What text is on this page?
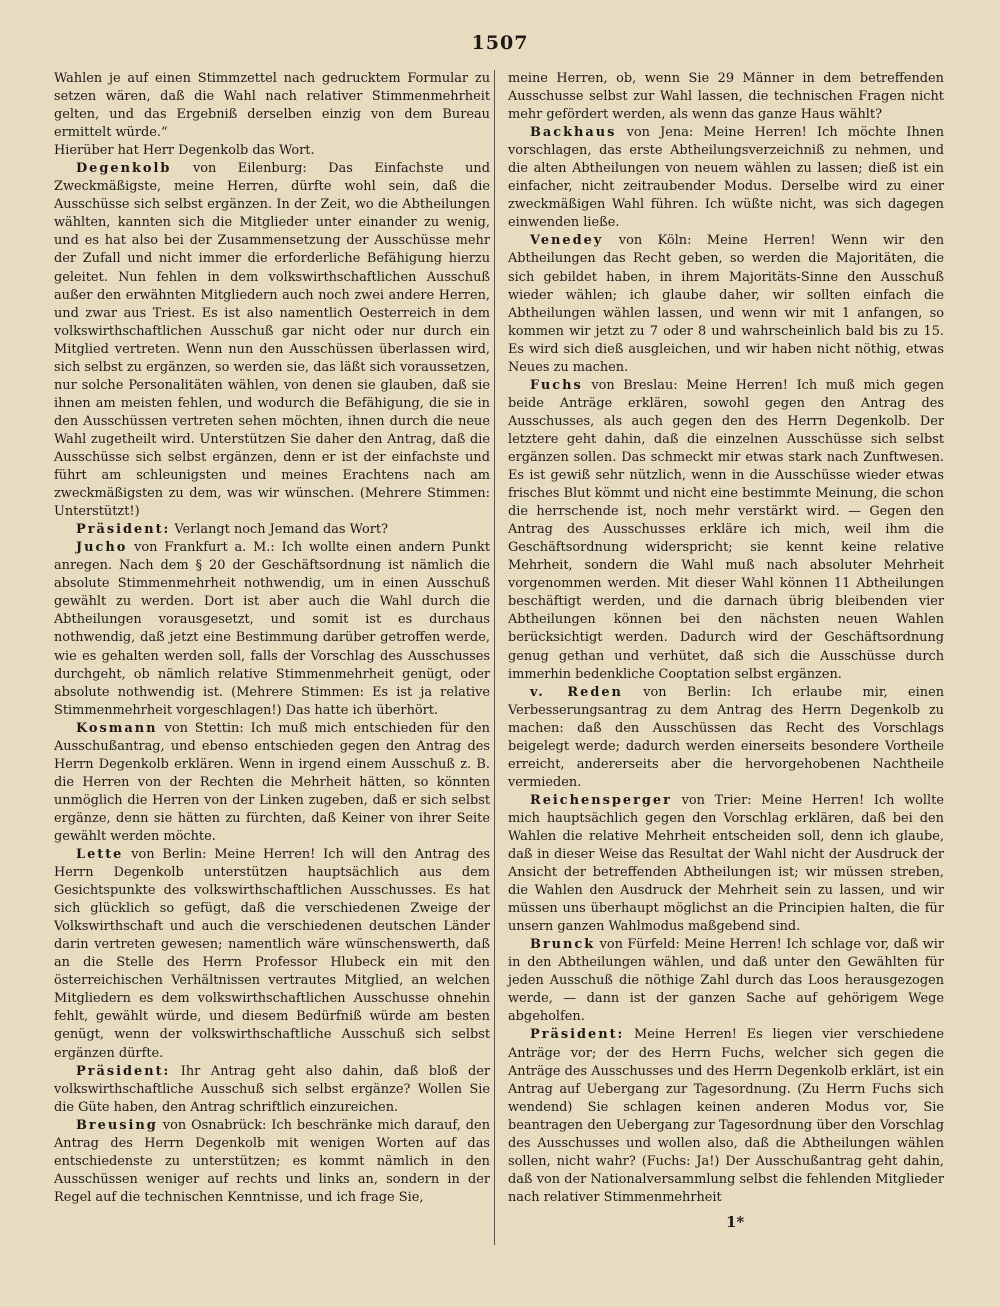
1507

Wahlen je auf einen Stimmzettel nach gedrucktem Formular zu setzen wären, daß die Wahl nach relativer Stimmenmehrheit gelten, und das Ergebniß derselben einzig von dem Bureau ermittelt würde.“

Hierüber hat Herr Degenkolb das Wort.

Degenkolb von Eilenburg: Das Einfachste und Zweckmäßigste, meine Herren, dürfte wohl sein, daß die Ausschüsse sich selbst ergänzen. In der Zeit, wo die Abtheilungen wählten, kannten sich die Mitglieder unter einander zu wenig, und es hat also bei der Zusammensetzung der Ausschüsse mehr der Zufall und nicht immer die erforderliche Befähigung hierzu geleitet. Nun fehlen in dem volkswirthschaftlichen Ausschuß außer den erwähnten Mitgliedern auch noch zwei andere Herren, und zwar aus Triest. Es ist also namentlich Oesterreich in dem volkswirthschaftlichen Ausschuß gar nicht oder nur durch ein Mitglied vertreten. Wenn nun den Ausschüssen überlassen wird, sich selbst zu ergänzen, so werden sie, das läßt sich voraussetzen, nur solche Personalitäten wählen, von denen sie glauben, daß sie ihnen am meisten fehlen, und wodurch die Befähigung, die sie in den Ausschüssen vertreten sehen möchten, ihnen durch die neue Wahl zugetheilt wird. Unterstützen Sie daher den Antrag, daß die Ausschüsse sich selbst ergänzen, denn er ist der einfachste und führt am schleunigsten und meines Erachtens nach am zweckmäßigsten zu dem, was wir wünschen. (Mehrere Stimmen: Unterstützt!)

Präsident: Verlangt noch Jemand das Wort?

Jucho von Frankfurt a. M.: Ich wollte einen andern Punkt anregen. Nach dem § 20 der Geschäftsordnung ist nämlich die absolute Stimmenmehrheit nothwendig, um in einen Ausschuß gewählt zu werden. Dort ist aber auch die Wahl durch die Abtheilungen vorausgesetzt, und somit ist es durchaus nothwendig, daß jetzt eine Bestimmung darüber getroffen werde, wie es gehalten werden soll, falls der Vorschlag des Ausschusses durchgeht, ob nämlich relative Stimmenmehrheit genügt, oder absolute nothwendig ist. (Mehrere Stimmen: Es ist ja relative Stimmenmehrheit vorgeschlagen!) Das hatte ich überhört.

Kosmann von Stettin: Ich muß mich entschieden für den Ausschußantrag, und ebenso entschieden gegen den Antrag des Herrn Degenkolb erklären. Wenn in irgend einem Ausschuß z. B. die Herren von der Rechten die Mehrheit hätten, so könnten unmöglich die Herren von der Linken zugeben, daß er sich selbst ergänze, denn sie hätten zu fürchten, daß Keiner von ihrer Seite gewählt werden möchte.

Lette von Berlin: Meine Herren! Ich will den Antrag des Herrn Degenkolb unterstützen hauptsächlich aus dem Gesichtspunkte des volkswirthschaftlichen Ausschusses. Es hat sich glücklich so gefügt, daß die verschiedenen Zweige der Volkswirthschaft und auch die verschiedenen deutschen Länder darin vertreten gewesen; namentlich wäre wünschenswerth, daß an die Stelle des Herrn Professor Hlubeck ein mit den österreichischen Verhältnissen vertrautes Mitglied, an welchen Mitgliedern es dem volkswirthschaftlichen Ausschusse ohnehin fehlt, gewählt würde, und diesem Bedürfniß würde am besten genügt, wenn der volkswirthschaftliche Ausschuß sich selbst ergänzen dürfte.

Präsident: Ihr Antrag geht also dahin, daß bloß der volkswirthschaftliche Ausschuß sich selbst ergänze? Wollen Sie die Güte haben, den Antrag schriftlich einzureichen.

Breusing von Osnabrück: Ich beschränke mich darauf, den Antrag des Herrn Degenkolb mit wenigen Worten auf das entschiedenste zu unterstützen; es kommt nämlich in den Ausschüssen weniger auf rechts und links an, sondern in der Regel auf die technischen Kenntnisse, und ich frage Sie,

meine Herren, ob, wenn Sie 29 Männer in dem betreffenden Ausschusse selbst zur Wahl lassen, die technischen Fragen nicht mehr gefördert werden, als wenn das ganze Haus wählt?

Backhaus von Jena: Meine Herren! Ich möchte Ihnen vorschlagen, das erste Abtheilungsverzeichniß zu nehmen, und die alten Abtheilungen von neuem wählen zu lassen; dieß ist ein einfacher, nicht zeitraubender Modus. Derselbe wird zu einer zweckmäßigen Wahl führen. Ich wüßte nicht, was sich dagegen einwenden ließe.

Venedey von Köln: Meine Herren! Wenn wir den Abtheilungen das Recht geben, so werden die Majoritäten, die sich gebildet haben, in ihrem Majoritäts-Sinne den Ausschuß wieder wählen; ich glaube daher, wir sollten einfach die Abtheilungen wählen lassen, und wenn wir mit 1 anfangen, so kommen wir jetzt zu 7 oder 8 und wahrscheinlich bald bis zu 15. Es wird sich dieß ausgleichen, und wir haben nicht nöthig, etwas Neues zu machen.

Fuchs von Breslau: Meine Herren! Ich muß mich gegen beide Anträge erklären, sowohl gegen den Antrag des Ausschusses, als auch gegen den des Herrn Degenkolb. Der letztere geht dahin, daß die einzelnen Ausschüsse sich selbst ergänzen sollen. Das schmeckt mir etwas stark nach Zunftwesen. Es ist gewiß sehr nützlich, wenn in die Ausschüsse wieder etwas frisches Blut kömmt und nicht eine bestimmte Meinung, die schon die herrschende ist, noch mehr verstärkt wird. — Gegen den Antrag des Ausschusses erkläre ich mich, weil ihm die Geschäftsordnung widerspricht; sie kennt keine relative Mehrheit, sondern die Wahl muß nach absoluter Mehrheit vorgenommen werden. Mit dieser Wahl können 11 Abtheilungen beschäftigt werden, und die darnach übrig bleibenden vier Abtheilungen können bei den nächsten neuen Wahlen berücksichtigt werden. Dadurch wird der Geschäftsordnung genug gethan und verhütet, daß sich die Ausschüsse durch immerhin bedenkliche Cooptation selbst ergänzen.

v. Reden von Berlin: Ich erlaube mir, einen Verbesserungsantrag zu dem Antrag des Herrn Degenkolb zu machen: daß den Ausschüssen das Recht des Vorschlags beigelegt werde; dadurch werden einerseits besondere Vortheile erreicht, andererseits aber die hervorgehobenen Nachtheile vermieden.

Reichensperger von Trier: Meine Herren! Ich wollte mich hauptsächlich gegen den Vorschlag erklären, daß bei den Wahlen die relative Mehrheit entscheiden soll, denn ich glaube, daß in dieser Weise das Resultat der Wahl nicht der Ausdruck der Ansicht der betreffenden Abtheilungen ist; wir müssen streben, die Wahlen den Ausdruck der Mehrheit sein zu lassen, und wir müssen uns überhaupt möglichst an die Principien halten, die für unsern ganzen Wahlmodus maßgebend sind.

Brunck von Fürfeld: Meine Herren! Ich schlage vor, daß wir in den Abtheilungen wählen, und daß unter den Gewählten für jeden Ausschuß die nöthige Zahl durch das Loos herausgezogen werde, — dann ist der ganzen Sache auf gehörigem Wege abgeholfen.

Präsident: Meine Herren! Es liegen vier verschiedene Anträge vor; der des Herrn Fuchs, welcher sich gegen die Anträge des Ausschusses und des Herrn Degenkolb erklärt, ist ein Antrag auf Uebergang zur Tagesordnung. (Zu Herrn Fuchs sich wendend) Sie schlagen keinen anderen Modus vor, Sie beantragen den Uebergang zur Tagesordnung über den Vorschlag des Ausschusses und wollen also, daß die Abtheilungen wählen sollen, nicht wahr? (Fuchs: Ja!) Der Ausschußantrag geht dahin, daß von der Nationalversammlung selbst die fehlenden Mitglieder nach relativer Stimmenmehrheit

1*
